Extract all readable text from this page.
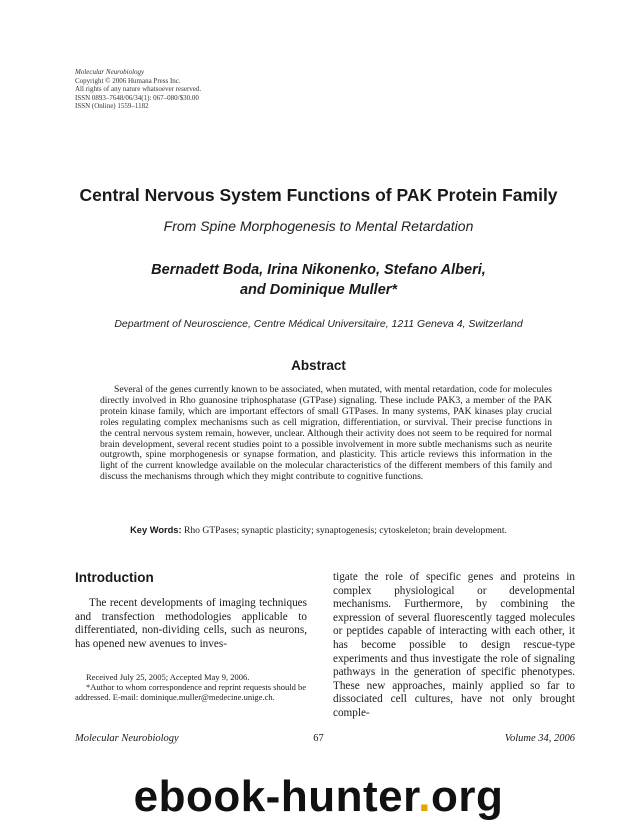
Molecular Neurobiology
Copyright © 2006 Humana Press Inc.
All rights of any nature whatsoever reserved.
ISSN 0893–7648/06/34(1): 067–080/$30.00
ISSN (Online) 1559–1182
Central Nervous System Functions of PAK Protein Family
From Spine Morphogenesis to Mental Retardation
Bernadett Boda, Irina Nikonenko, Stefano Alberi,
and Dominique Muller*
Department of Neuroscience, Centre Médical Universitaire, 1211 Geneva 4, Switzerland
Abstract

Several of the genes currently known to be associated, when mutated, with mental retardation, code for molecules directly involved in Rho guanosine triphosphatase (GTPase) signaling. These include PAK3, a member of the PAK protein kinase family, which are important effectors of small GTPases. In many systems, PAK kinases play crucial roles regulating complex mechanisms such as cell migration, differentiation, or survival. Their precise functions in the central nervous system remain, however, unclear. Although their activity does not seem to be required for normal brain development, several recent studies point to a possible involvement in more subtle mechanisms such as neurite outgrowth, spine morphogenesis or synapse formation, and plasticity. This article reviews this information in the light of the current knowledge available on the molecular characteristics of the different members of this family and discuss the mechanisms through which they might contribute to cognitive functions.

Key Words: Rho GTPases; synaptic plasticity; synaptogenesis; cytoskeleton; brain development.
Introduction

The recent developments of imaging techniques and transfection methodologies applicable to differentiated, non-dividing cells, such as neurons, has opened new avenues to inves-

tigate the role of specific genes and proteins in complex physiological or developmental mechanisms. Furthermore, by combining the expression of several fluorescently tagged molecules or peptides capable of interacting with each other, it has become possible to design rescue-type experiments and thus investigate the role of signaling pathways in the generation of specific phenotypes. These new approaches, mainly applied so far to dissociated cell cultures, have not only brought comple-

Received July 25, 2005; Accepted May 9, 2006.

*Author to whom correspondence and reprint requests should be addressed. E-mail: dominique.muller@medecine.unige.ch.

Molecular Neurobiology	67	Volume 34, 2006
ebook-hunter.org
